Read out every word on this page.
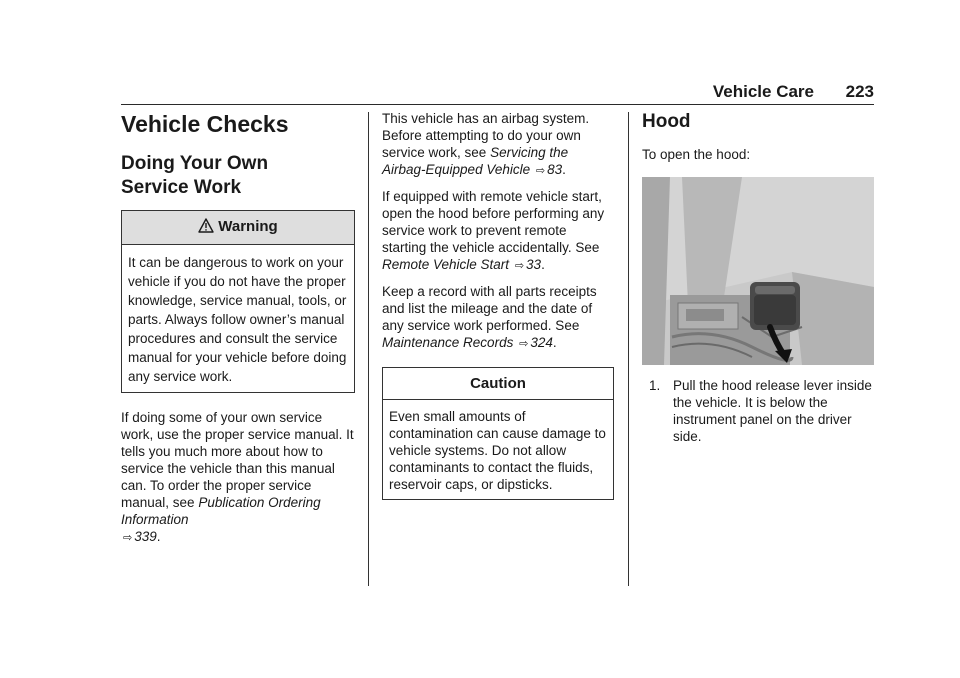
Vehicle Care 223
Vehicle Checks
Doing Your Own
Service Work
Warning
It can be dangerous to work on your vehicle if you do not have the proper knowledge, service manual, tools, or parts. Always follow owner’s manual procedures and consult the service manual for your vehicle before doing any service work.

If doing some of your own service work, use the proper service manual. It tells you much more about how to service the vehicle than this manual can. To order the proper service manual, see Publication Ordering Information
⇨ 339.

This vehicle has an airbag system. Before attempting to do your own service work, see Servicing the Airbag-Equipped Vehicle ⇨ 83.

If equipped with remote vehicle start, open the hood before performing any service work to prevent remote starting the vehicle accidentally. See Remote Vehicle Start ⇨ 33.

Keep a record with all parts receipts and list the mileage and the date of any service work performed. See Maintenance Records ⇨ 324.

Caution
Even small amounts of contamination can cause damage to vehicle systems. Do not allow contaminants to contact the fluids, reservoir caps, or dipsticks.
Hood

To open the hood:

1. Pull the hood release lever inside the vehicle. It is below the instrument panel on the driver side.
